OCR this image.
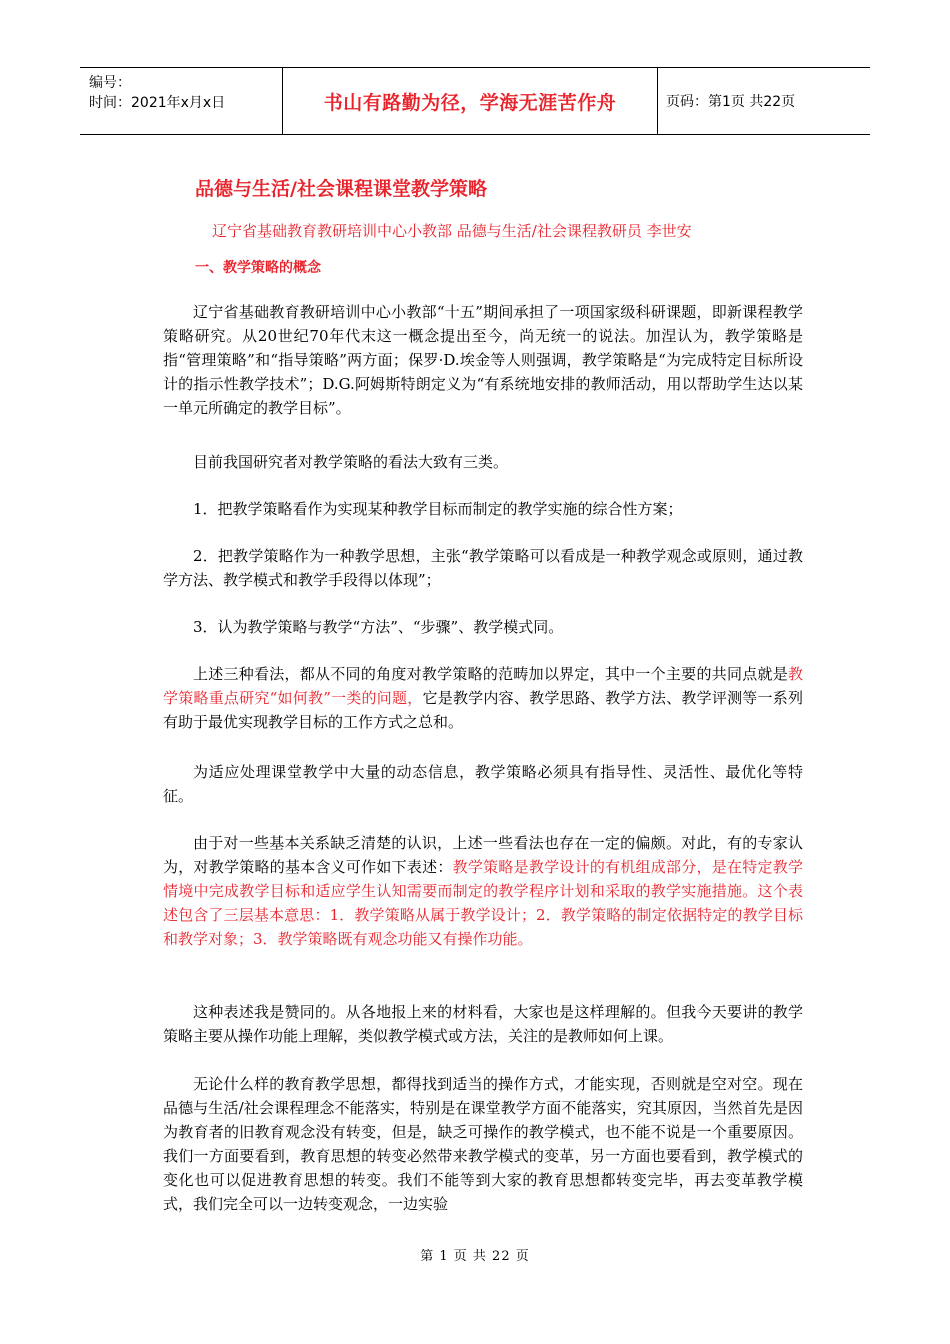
编号：
时间：2021年x月x日	书山有路勤为径，学海无涯苦作舟	页码：第1页 共22页
品德与生活/社会课程课堂教学策略

辽宁省基础教育教研培训中心小教部 品德与生活/社会课程教研员 李世安

一、教学策略的概念

辽宁省基础教育教研培训中心小教部“十五”期间承担了一项国家级科研课题，即新课程教学策略研究。从20世纪70年代末这一概念提出至今，尚无统一的说法。加涅认为，教学策略是指“管理策略”和“指导策略”两方面；保罗·D.埃金等人则强调，教学策略是“为完成特定目标所设计的指示性教学技术”；D.G.阿姆斯特朗定义为“有系统地安排的教师活动，用以帮助学生达以某一单元所确定的教学目标”。

目前我国研究者对教学策略的看法大致有三类。

1．把教学策略看作为实现某种教学目标而制定的教学实施的综合性方案；

2．把教学策略作为一种教学思想，主张“教学策略可以看成是一种教学观念或原则，通过教学方法、教学模式和教学手段得以体现”；

3．认为教学策略与教学“方法”、“步骤”、教学模式同。

上述三种看法，都从不同的角度对教学策略的范畴加以界定，其中一个主要的共同点就是教学策略重点研究“如何教”一类的问题，它是教学内容、教学思路、教学方法、教学评测等一系列有助于最优实现教学目标的工作方式之总和。

为适应处理课堂教学中大量的动态信息，教学策略必须具有指导性、灵活性、最优化等特征。

由于对一些基本关系缺乏清楚的认识，上述一些看法也存在一定的偏颇。对此，有的专家认为，对教学策略的基本含义可作如下表述：教学策略是教学设计的有机组成部分，是在特定教学情境中完成教学目标和适应学生认知需要而制定的教学程序计划和采取的教学实施措施。这个表述包含了三层基本意思：1．教学策略从属于教学设计；2．教学策略的制定依据特定的教学目标和教学对象；3．教学策略既有观念功能又有操作功能。

这种表述我是赞同的。从各地报上来的材料看，大家也是这样理解的。但我今天要讲的教学策略主要从操作功能上理解，类似教学模式或方法，关注的是教师如何上课。

无论什么样的教育教学思想，都得找到适当的操作方式，才能实现，否则就是空对空。现在品德与生活/社会课程理念不能落实，特别是在课堂教学方面不能落实，究其原因，当然首先是因为教育者的旧教育观念没有转变，但是，缺乏可操作的教学模式，也不能不说是一个重要原因。我们一方面要看到，教育思想的转变必然带来教学模式的变革，另一方面也要看到，教学模式的变化也可以促进教育思想的转变。我们不能等到大家的教育思想都转变完毕，再去变革教学模式，我们完全可以一边转变观念，一边实验

第 1 页 共 22 页
